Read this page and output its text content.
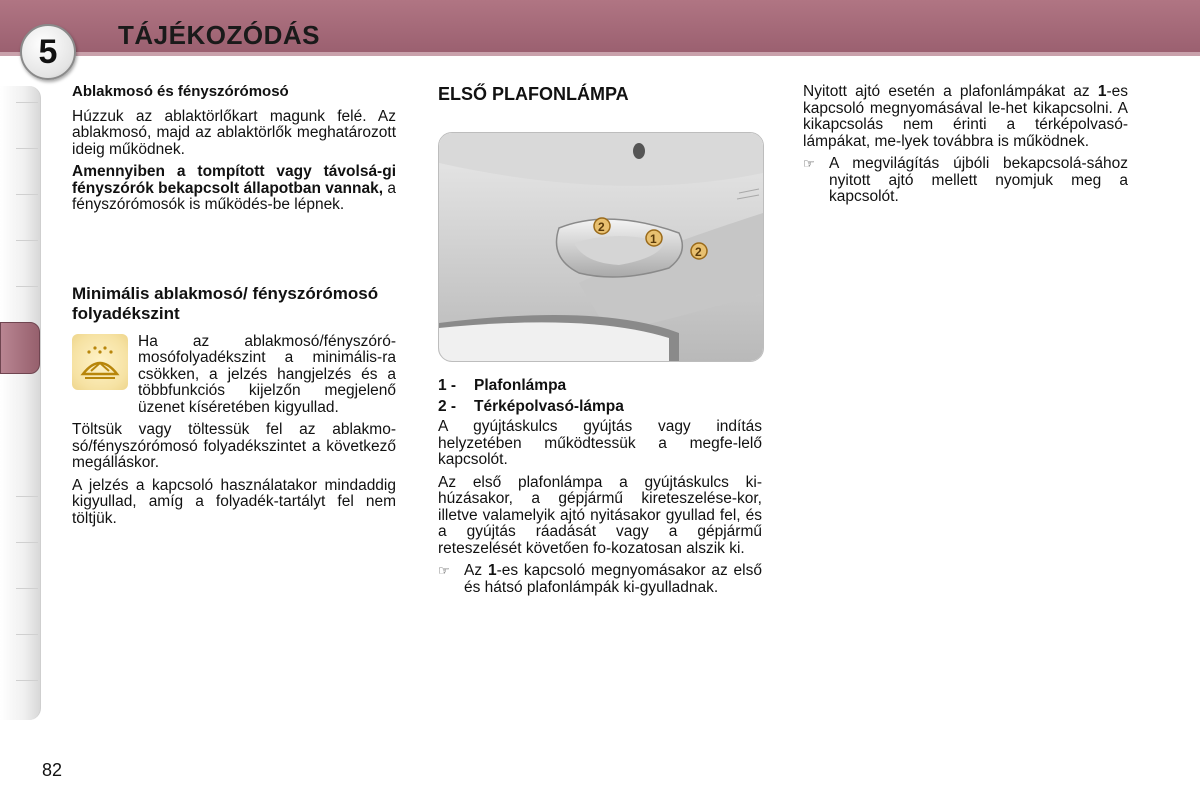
5	TÁJÉKOZÓDÁS
Ablakmosó és fényszórómosó

Húzzuk az ablaktörlőkart magunk felé. Az ablakmosó, majd az ablaktörlők meghatározott ideig működnek.

Amennyiben a tompított vagy távolsá-gi fényszórók bekapcsolt állapotban vannak, a fényszórómosók is működés-be lépnek.

Minimális ablakmosó/ fényszórómosó folyadékszint
Ha az ablakmosó/fényszóró-mosófolyadékszint a minimális-ra csökken, a jelzés hangjelzés és a többfunkciós kijelzőn megjelenő üzenet kíséretében kigyullad.

Töltsük vagy töltessük fel az ablakmo-só/fényszórómosó folyadékszintet a következő megálláskor.

A jelzés a kapcsoló használatakor mindaddig kigyullad, amíg a folyadék-tartályt fel nem töltjük.

ELSŐ PLAFONLÁMPA
2
1
2
1 -	Plafonlámpa
2 -	Térképolvasó-lámpa

A gyújtáskulcs gyújtás vagy indítás helyzetében működtessük a megfe-lelő kapcsolót.

Az első plafonlámpa a gyújtáskulcs ki-húzásakor, a gépjármű kireteszelése-kor, illetve valamelyik ajtó nyitásakor gyullad fel, és a gyújtás ráadását vagy a gépjármű reteszelését követően fo-kozatosan alszik ki.

☞ Az 1-es kapcsoló megnyomásakor az első és hátsó plafonlámpák ki-gyulladnak.

Nyitott ajtó esetén a plafonlámpákat az 1-es kapcsoló megnyomásával le-het kikapcsolni. A kikapcsolás nem érinti a térképolvasó-lámpákat, me-lyek továbbra is működnek.

☞ A megvilágítás újbóli bekapcsolá-sához nyitott ajtó mellett nyomjuk meg a kapcsolót.
82
